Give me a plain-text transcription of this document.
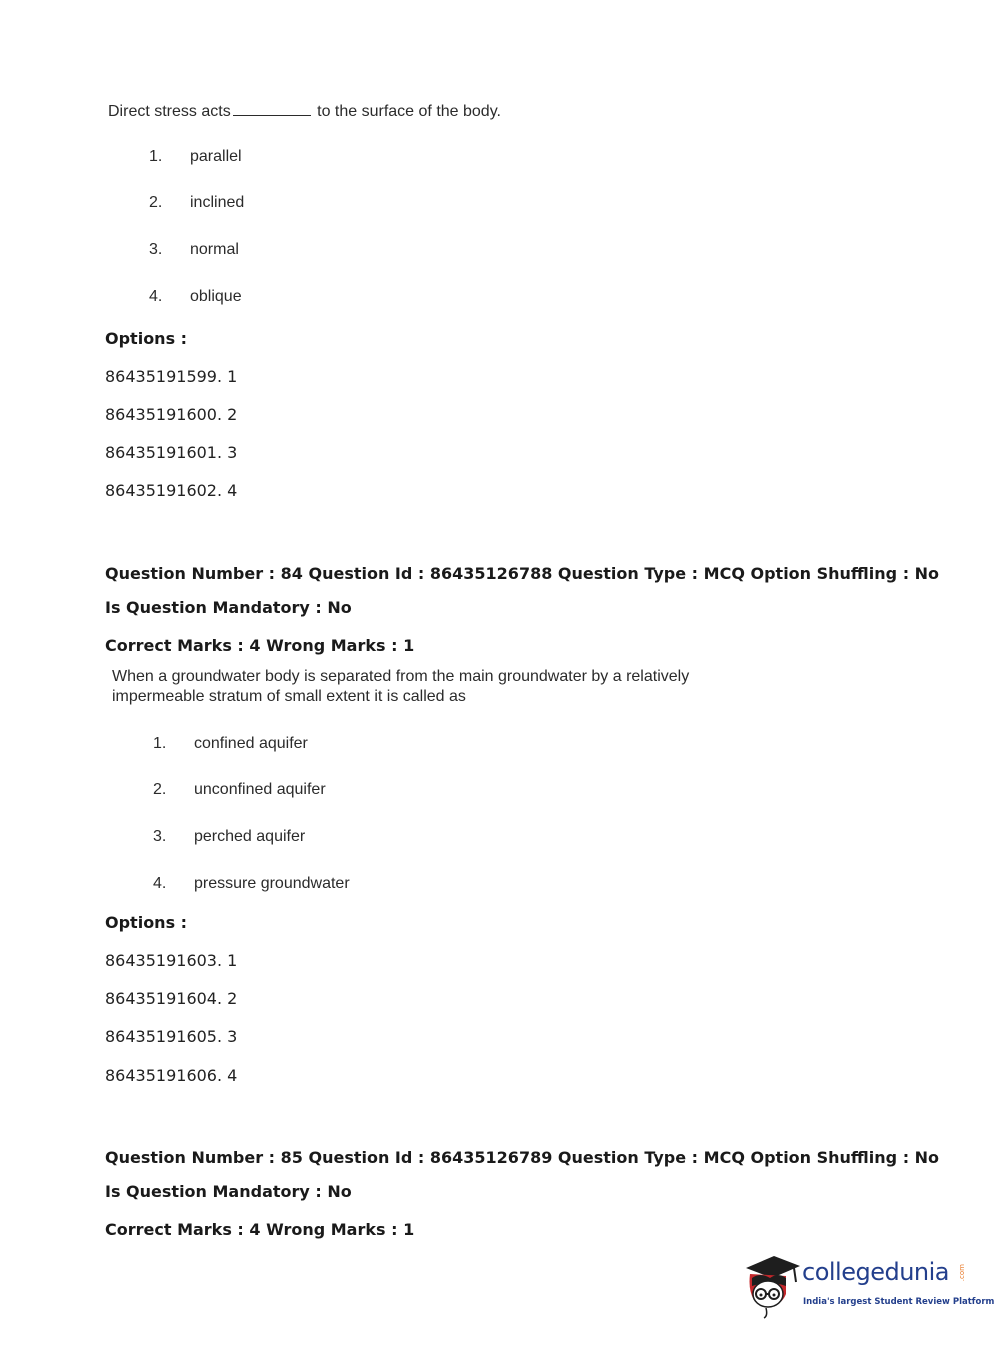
Direct stress acts	to the surface of the body.
1. parallel
2. inclined
3. normal
4. oblique
Options :
86435191599. 1
86435191600. 2
86435191601. 3
86435191602. 4
Question Number : 84 Question Id : 86435126788 Question Type : MCQ Option Shuffling : No
Is Question Mandatory : No
Correct Marks : 4 Wrong Marks : 1
When a groundwater body is separated from the main groundwater by a relatively
impermeable stratum of small extent it is called as
1. confined aquifer
2. unconfined aquifer
3. perched aquifer
4. pressure groundwater
Options :
86435191603. 1
86435191604. 2
86435191605. 3
86435191606. 4
Question Number : 85 Question Id : 86435126789 Question Type : MCQ Option Shuffling : No
Is Question Mandatory : No
Correct Marks : 4 Wrong Marks : 1
collegedunia .com
India's largest Student Review Platform
